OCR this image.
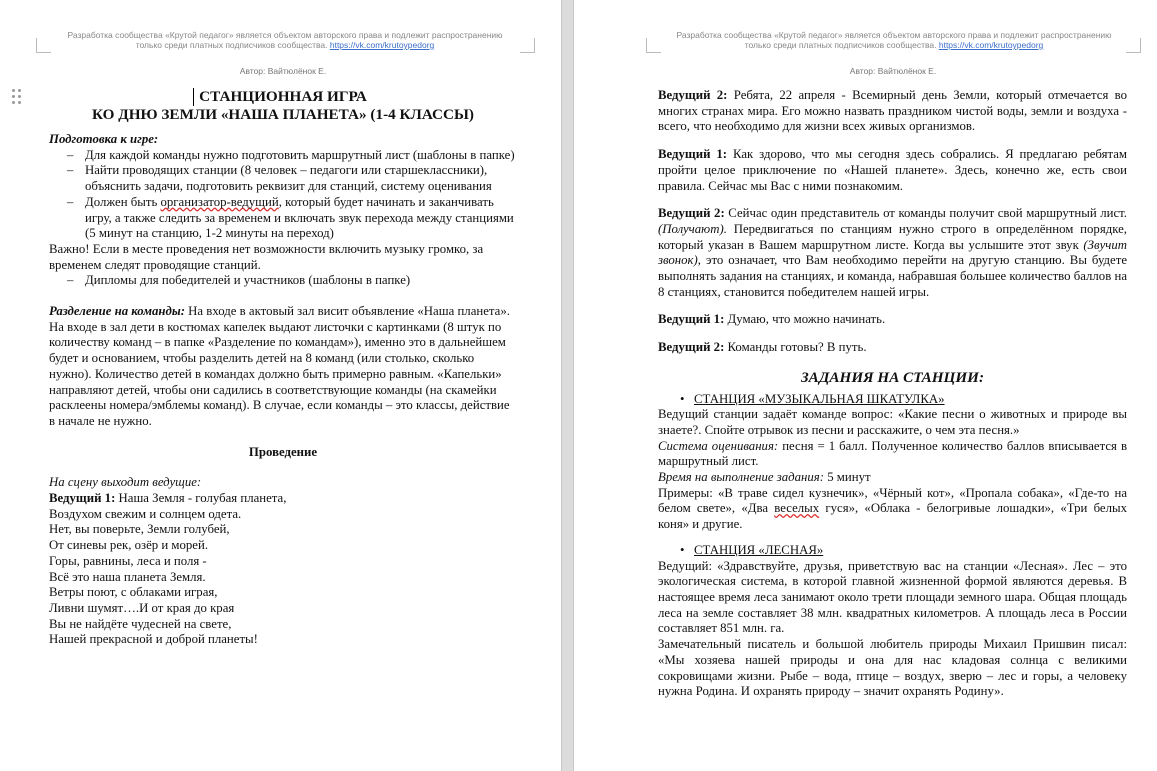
Разработка сообщества «Крутой педагог» является объектом авторского права и подлежит распространению
только среди платных подписчиков сообщества. https://vk.com/krutoypedorg
Автор: Вайтюлёнок Е.
СТАНЦИОННАЯ ИГРА
КО ДНЮ ЗЕМЛИ «НАША ПЛАНЕТА» (1-4 КЛАССЫ)

Подготовка к игре:

– Для каждой команды нужно подготовить маршрутный лист (шаблоны в папке)
– Найти проводящих станции (8 человек – педагоги или старшеклассники), объяснить задачи, подготовить реквизит для станций, систему оценивания
– Должен быть организатор-ведущий, который будет начинать и заканчивать игру, а также следить за временем и включать звук перехода между станциями (5 минут на станцию, 1-2 минуты на переход)

Важно! Если в месте проведения нет возможности включить музыку громко, за временем следят проводящие станций.

– Дипломы для победителей и участников (шаблоны в папке)

Разделение на команды: На входе в актовый зал висит объявление «Наша планета». На входе в зал дети в костюмах капелек выдают листочки с картинками (8 штук по количеству команд – в папке «Разделение по командам»), именно это в дальнейшем будет и основанием, чтобы разделить детей на 8 команд (или столько, сколько нужно). Количество детей в командах должно быть примерно равным. «Капельки» направляют детей, чтобы они садились в соответствующие команды (на скамейки расклеены номера/эмблемы команд). В случае, если команды – это классы, действие в начале не нужно.

Проведение

На сцену выходит ведущие:

Ведущий 1: Наша Земля - голубая планета,

Воздухом свежим и солнцем одета.

Нет, вы поверьте, Земли голубей,

От синевы рек, озёр и морей.

Горы, равнины, леса и поля -

Всё это наша планета Земля.

Ветры поют, с облаками играя,

Ливни шумят….И от края до края

Вы не найдёте чудесней на свете,

Нашей прекрасной и доброй планеты!

Разработка сообщества «Крутой педагог» является объектом авторского права и подлежит распространению
только среди платных подписчиков сообщества. https://vk.com/krutoypedorg
Автор: Вайтюлёнок Е.

Ведущий 2: Ребята, 22 апреля - Всемирный день Земли, который отмечается во многих странах мира. Его можно назвать праздником чистой воды, земли и воздуха - всего, что необходимо для жизни всех живых организмов.

Ведущий 1: Как здорово, что мы сегодня здесь собрались. Я предлагаю ребятам пройти целое приключение по «Нашей планете». Здесь, конечно же, есть свои правила. Сейчас мы Вас с ними познакомим.

Ведущий 2: Сейчас один представитель от команды получит свой маршрутный лист. (Получают). Передвигаться по станциям нужно строго в определённом порядке, который указан в Вашем маршрутном листе. Когда вы услышите этот звук (Звучит звонок), это означает, что Вам необходимо перейти на другую станцию. Вы будете выполнять задания на станциях, и команда, набравшая большее количество баллов на 8 станциях, становится победителем нашей игры.

Ведущий 1: Думаю, что можно начинать.

Ведущий 2: Команды готовы? В путь.

ЗАДАНИЯ НА СТАНЦИИ:

• СТАНЦИЯ «МУЗЫКАЛЬНАЯ ШКАТУЛКА»

Ведущий станции задаёт команде вопрос: «Какие песни о животных и природе вы знаете?. Спойте отрывок из песни и расскажите, о чем эта песня.»

Система оценивания: песня = 1 балл. Полученное количество баллов вписывается в маршрутный лист.

Время на выполнение задания: 5 минут

Примеры: «В траве сидел кузнечик», «Чёрный кот», «Пропала собака», «Где-то на белом свете», «Два веселых гуся», «Облака - белогривые лошадки», «Три белых коня» и другие.

• СТАНЦИЯ «ЛЕСНАЯ»

Ведущий: «Здравствуйте, друзья, приветствую вас на станции «Лесная». Лес – это экологическая система, в которой главной жизненной формой являются деревья. В настоящее время леса занимают около трети площади земного шара. Общая площадь леса на земле составляет 38 млн. квадратных километров. А площадь леса в России составляет 851 млн. га.

Замечательный писатель и большой любитель природы Михаил Пришвин писал: «Мы хозяева нашей природы и она для нас кладовая солнца с великими сокровищами жизни. Рыбе – вода, птице – воздух, зверю – лес и горы, а человеку нужна Родина. И охранять природу – значит охранять Родину».
